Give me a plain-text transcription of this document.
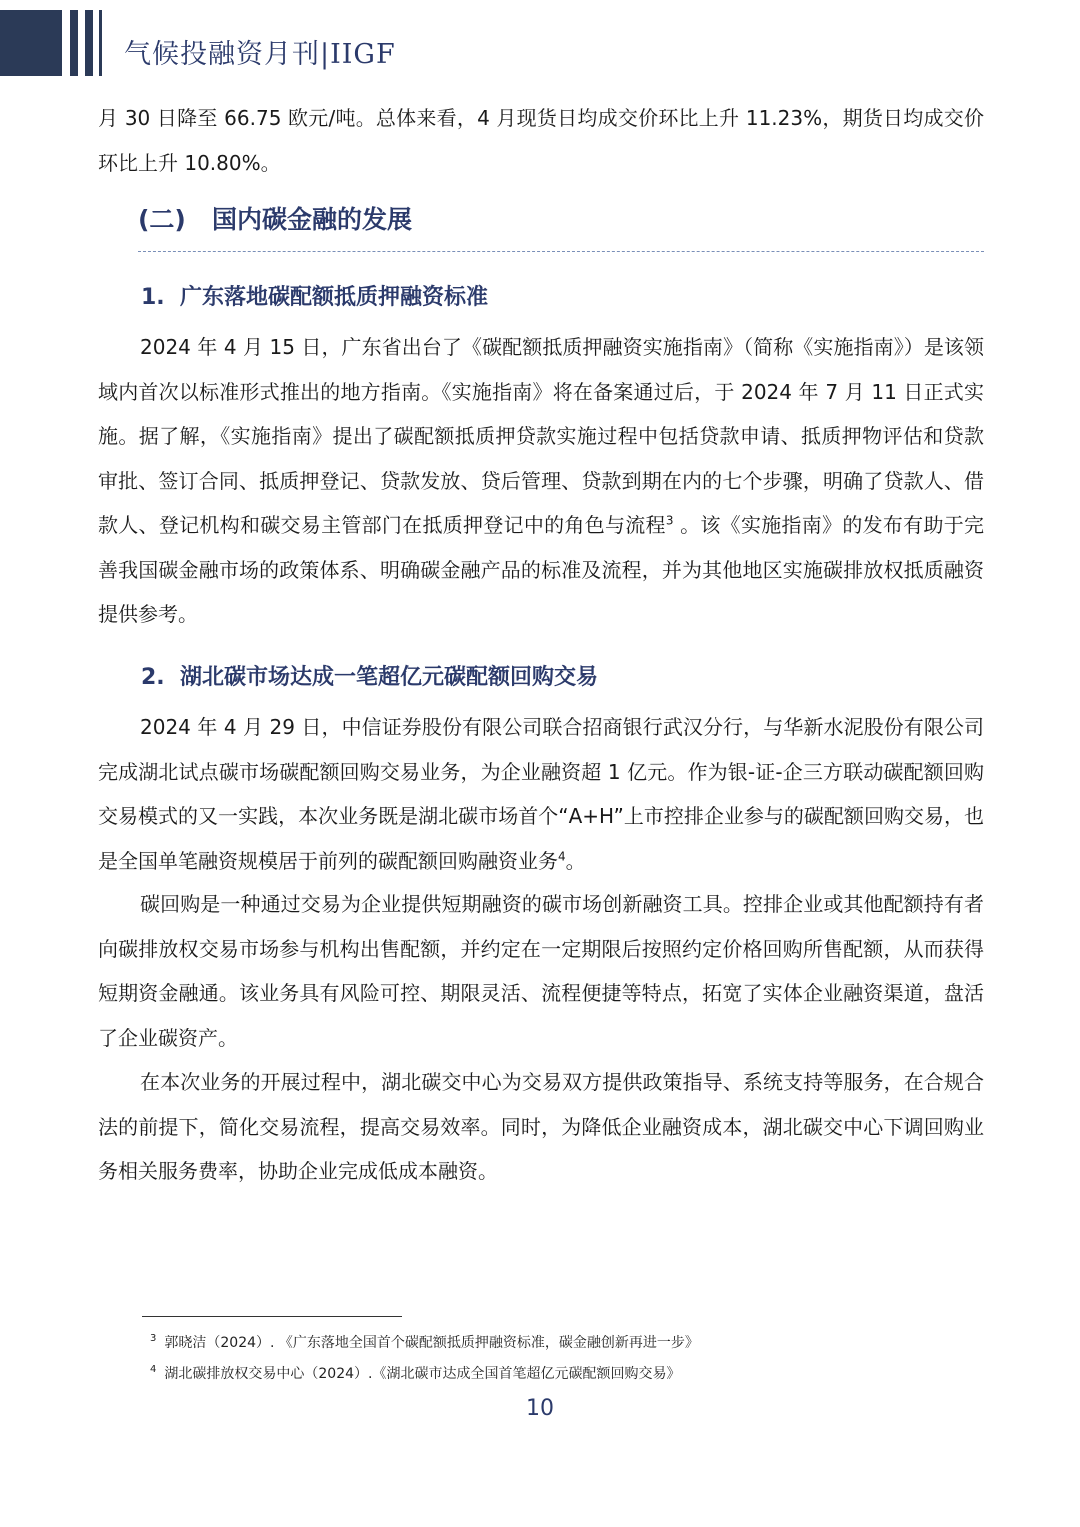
气候投融资月刊|IIGF

月 30 日降至 66.75 欧元/吨。总体来看，4 月现货日均成交价环比上升 11.23%，期货日均成交价环比上升 10.80%。

(二)   国内碳金融的发展
1.  广东落地碳配额抵质押融资标准

2024 年 4 月 15 日，广东省出台了《碳配额抵质押融资实施指南》（简称《实施指南》）是该领域内首次以标准形式推出的地方指南。《实施指南》将在备案通过后，于 2024 年 7 月 11 日正式实施。据了解，《实施指南》提出了碳配额抵质押贷款实施过程中包括贷款申请、抵质押物评估和贷款审批、签订合同、抵质押登记、贷款发放、贷后管理、贷款到期在内的七个步骤，明确了贷款人、借款人、登记机构和碳交易主管部门在抵质押登记中的角色与流程$^3$ 。该《实施指南》的发布有助于完善我国碳金融市场的政策体系、明确碳金融产品的标准及流程，并为其他地区实施碳排放权抵质融资提供参考。

2.  湖北碳市场达成一笔超亿元碳配额回购交易

2024 年 4 月 29 日，中信证券股份有限公司联合招商银行武汉分行，与华新水泥股份有限公司完成湖北试点碳市场碳配额回购交易业务，为企业融资超 1 亿元。作为银-证-企三方联动碳配额回购交易模式的又一实践，本次业务既是湖北碳市场首个“A+H”上市控排企业参与的碳配额回购交易，也是全国单笔融资规模居于前列的碳配额回购融资业务$^4$。

碳回购是一种通过交易为企业提供短期融资的碳市场创新融资工具。控排企业或其他配额持有者向碳排放权交易市场参与机构出售配额，并约定在一定期限后按照约定价格回购所售配额，从而获得短期资金融通。该业务具有风险可控、期限灵活、流程便捷等特点，拓宽了实体企业融资渠道，盘活了企业碳资产。

在本次业务的开展过程中，湖北碳交中心为交易双方提供政策指导、系统支持等服务，在合规合法的前提下，简化交易流程，提高交易效率。同时，为降低企业融资成本，湖北碳交中心下调回购业务相关服务费率，协助企业完成低成本融资。

$^3$ 郭晓洁（2024）. 《广东落地全国首个碳配额抵质押融资标准，碳金融创新再进一步》
$^4$ 湖北碳排放权交易中心（2024）.《湖北碳市达成全国首笔超亿元碳配额回购交易》
10
